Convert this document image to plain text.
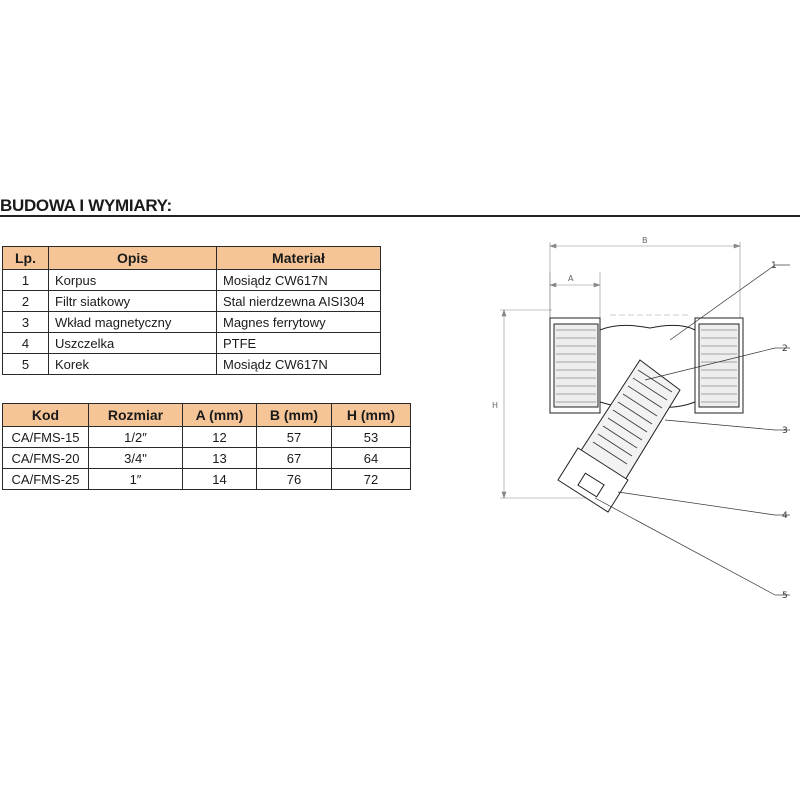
BUDOWA I WYMIARY:
Lp.	Opis	Materiał
1	Korpus	Mosiądz CW617N
2	Filtr siatkowy	Stal nierdzewna AISI304
3	Wkład magnetyczny	Magnes ferrytowy
4	Uszczelka	PTFE
5	Korek	Mosiądz CW617N
Kod	Rozmiar	A (mm)	B (mm)	H (mm)
CA/FMS-15	1/2″	12	57	53
CA/FMS-20	3/4"	13	67	64
CA/FMS-25	1″	14	76	72
B
A
H
1
2
3
4
5
